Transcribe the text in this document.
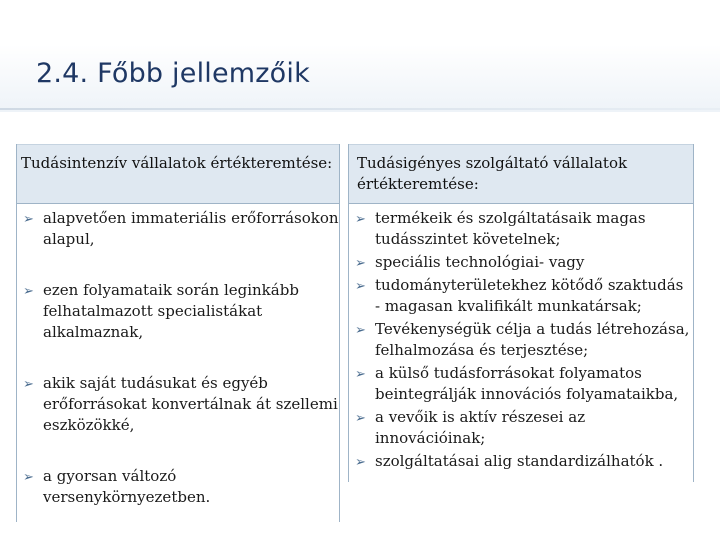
2.4. Főbb jellemzőik
Tudásintenzív vállalatok értékteremtése:
➢ alapvetően immateriális erőforrásokon alapul,
➢ ezen folyamataik során leginkább felhatalmazott specialistákat alkalmaznak,
➢ akik saját tudásukat és egyéb erőforrásokat konvertálnak át szellemi eszközökké,
➢ a gyorsan változó versenykörnyezetben.
Tudásigényes szolgáltató vállalatok értékteremtése:
➢ termékeik és szolgáltatásaik magas tudásszintet követelnek;
➢ speciális technológiai- vagy
➢ tudományterületekhez kötődő szaktudás - magasan kvalifikált munkatársak;
➢ Tevékenységük célja a tudás létrehozása, felhalmozása és terjesztése;
➢ a külső tudásforrásokat folyamatos beintegrálják innovációs folyamataikba,
➢ a vevőik is aktív részesei az innovációinak;
➢ szolgáltatásai alig standardizálhatók .
